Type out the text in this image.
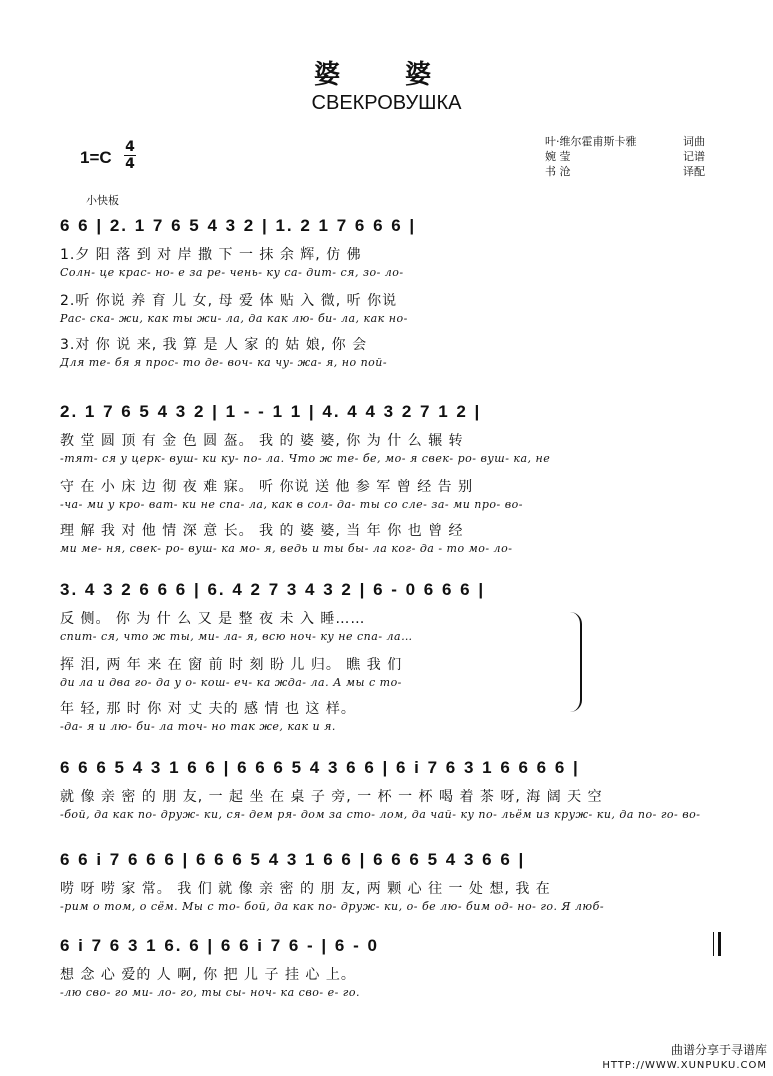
婆 婆
СВЕКРОВУШКА
叶·维尔霍甫斯卡雅	词曲
婉 莹	记谱
书 沧	译配
1=C
4
4
小快板
6 6 | 2. 1 7 6 5 4 3 2 | 1. 2 1 7 6 6 6 |
1.夕 阳 落 到 对 岸 撒 下 一 抹 余 辉, 仿 佛
Солн- це крас- но- е за ре- чень- ку са- дит- ся, зо- ло-
2.听 你说 养 育 儿 女, 母 爱 体 贴 入 微, 听 你说
Рас- ска- жи, как ты жи- ла, да как лю- би- ла, как но-
3.对 你 说 来, 我 算 是 人 家 的 姑 娘, 你 会
Для те- бя я прос- то де- воч- ка чу- жа- я, но пой-
2. 1 7 6 5 4 3 2 | 1 - - 1 1 | 4. 4 4 3 2 7 1 2 |
教 堂 圆 顶 有 金 色 圆 盔。 我 的 婆 婆, 你 为 什 么 辗 转
-тят- ся у церк- вуш- ки ку- по- ла. Что ж те- бе, мо- я свек- ро- вуш- ка, не
守 在 小 床 边 彻 夜 难 寐。 听 你说 送 他 参 军 曾 经 告 别
-ча- ми у кро- ват- ки не спа- ла, как в сол- да- ты со сле- за- ми про- во-
理 解 我 对 他 情 深 意 长。 我 的 婆 婆, 当 年 你 也 曾 经
ми ме- ня, свек- ро- вуш- ка мо- я, ведь и ты бы- ла ког- да - то мо- ло-
3. 4 3 2 6 6 6 | 6. 4 2 7 3 4 3 2 | 6 - 0 6 6 6 |
反 侧。 你 为 什 么 又 是 整 夜 未 入 睡……
спит- ся, что ж ты, ми- ла- я, всю ноч- ку не спа- ла…
挥 泪, 两 年 来 在 窗 前 时 刻 盼 儿 归。 瞧 我 们
ди ла и два го- да у о- кош- еч- ка жда- ла. А мы с то-
年 轻, 那 时 你 对 丈 夫的 感 情 也 这 样。
-да- я и лю- би- ла точ- но так же, как и я.
6 6 6 5 4 3 1 6 6 | 6 6 6 5 4 3 6 6 | 6 i 7 6 3 1 6 6 6 6 |
就 像 亲 密 的 朋 友, 一 起 坐 在 桌 子 旁, 一 杯 一 杯 喝 着 茶 呀, 海 阔 天 空
-бой, да как по- друж- ки, ся- дем ря- дом за сто- лом, да чай- ку по- льём из круж- ки, да по- го- во-
6 6 i 7 6 6 6 | 6 6 6 5 4 3 1 6 6 | 6 6 6 5 4 3 6 6 |
唠 呀 唠 家 常。 我 们 就 像 亲 密 的 朋 友, 两 颗 心 往 一 处 想, 我 在
-рим о том, о сём. Мы с то- бой, да как по- друж- ки, о- бе лю- бим од- но- го. Я люб-
6 i 7 6 3 1 6. 6 | 6 6 i 7 6 - | 6 - 0
想 念 心 爱的 人 啊, 你 把 儿 子 挂 心 上。
-лю сво- го ми- ло- го, ты сы- ноч- ка сво- е- го.
曲谱分享于寻谱库
HTTP://WWW.XUNPUKU.COM
